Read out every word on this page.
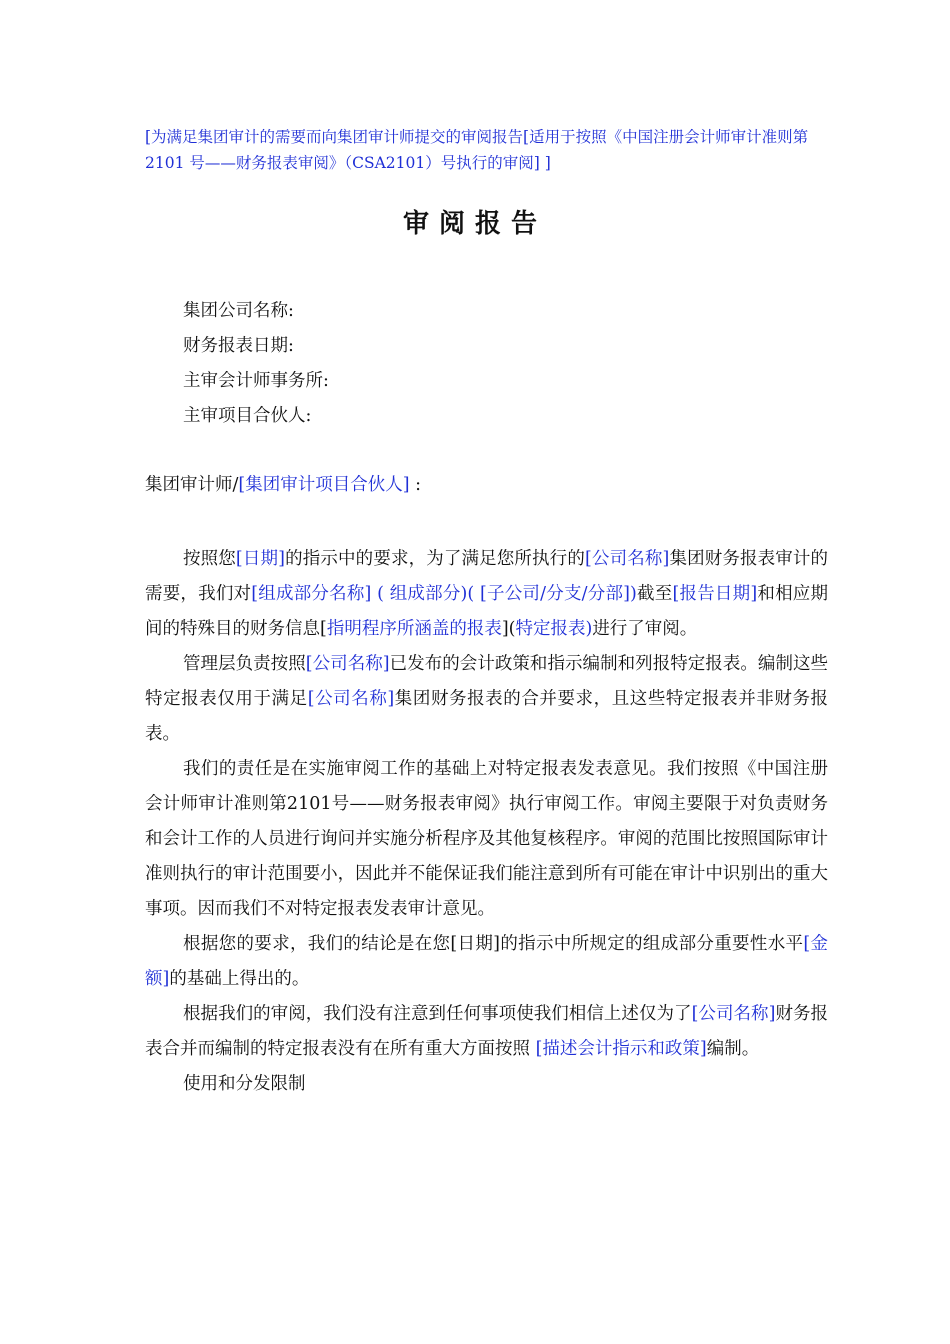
[为满足集团审计的需要而向集团审计师提交的审阅报告[适用于按照《中国注册会计师审计准则第 2101 号——财务报表审阅》（CSA2101）号执行的审阅] ]
审阅报告
集团公司名称:
财务报表日期:
主审会计师事务所:
主审项目合伙人:
集团审计师/[集团审计项目合伙人] :

按照您[日期]的指示中的要求，为了满足您所执行的[公司名称]集团财务报表审计的需要，我们对[组成部分名称] ( 组成部分)( [子公司/分支/分部])截至[报告日期]和相应期间的特殊目的财务信息[指明程序所涵盖的报表](特定报表)进行了审阅。

管理层负责按照[公司名称]已发布的会计政策和指示编制和列报特定报表。编制这些特定报表仅用于满足[公司名称]集团财务报表的合并要求，且这些特定报表并非财务报表。

我们的责任是在实施审阅工作的基础上对特定报表发表意见。我们按照《中国注册会计师审计准则第2101号——财务报表审阅》执行审阅工作。审阅主要限于对负责财务和会计工作的人员进行询问并实施分析程序及其他复核程序。审阅的范围比按照国际审计准则执行的审计范围要小，因此并不能保证我们能注意到所有可能在审计中识别出的重大事项。因而我们不对特定报表发表审计意见。

根据您的要求，我们的结论是在您[日期]的指示中所规定的组成部分重要性水平[金额]的基础上得出的。

根据我们的审阅，我们没有注意到任何事项使我们相信上述仅为了[公司名称]财务报表合并而编制的特定报表没有在所有重大方面按照 [描述会计指示和政策]编制。

使用和分发限制
